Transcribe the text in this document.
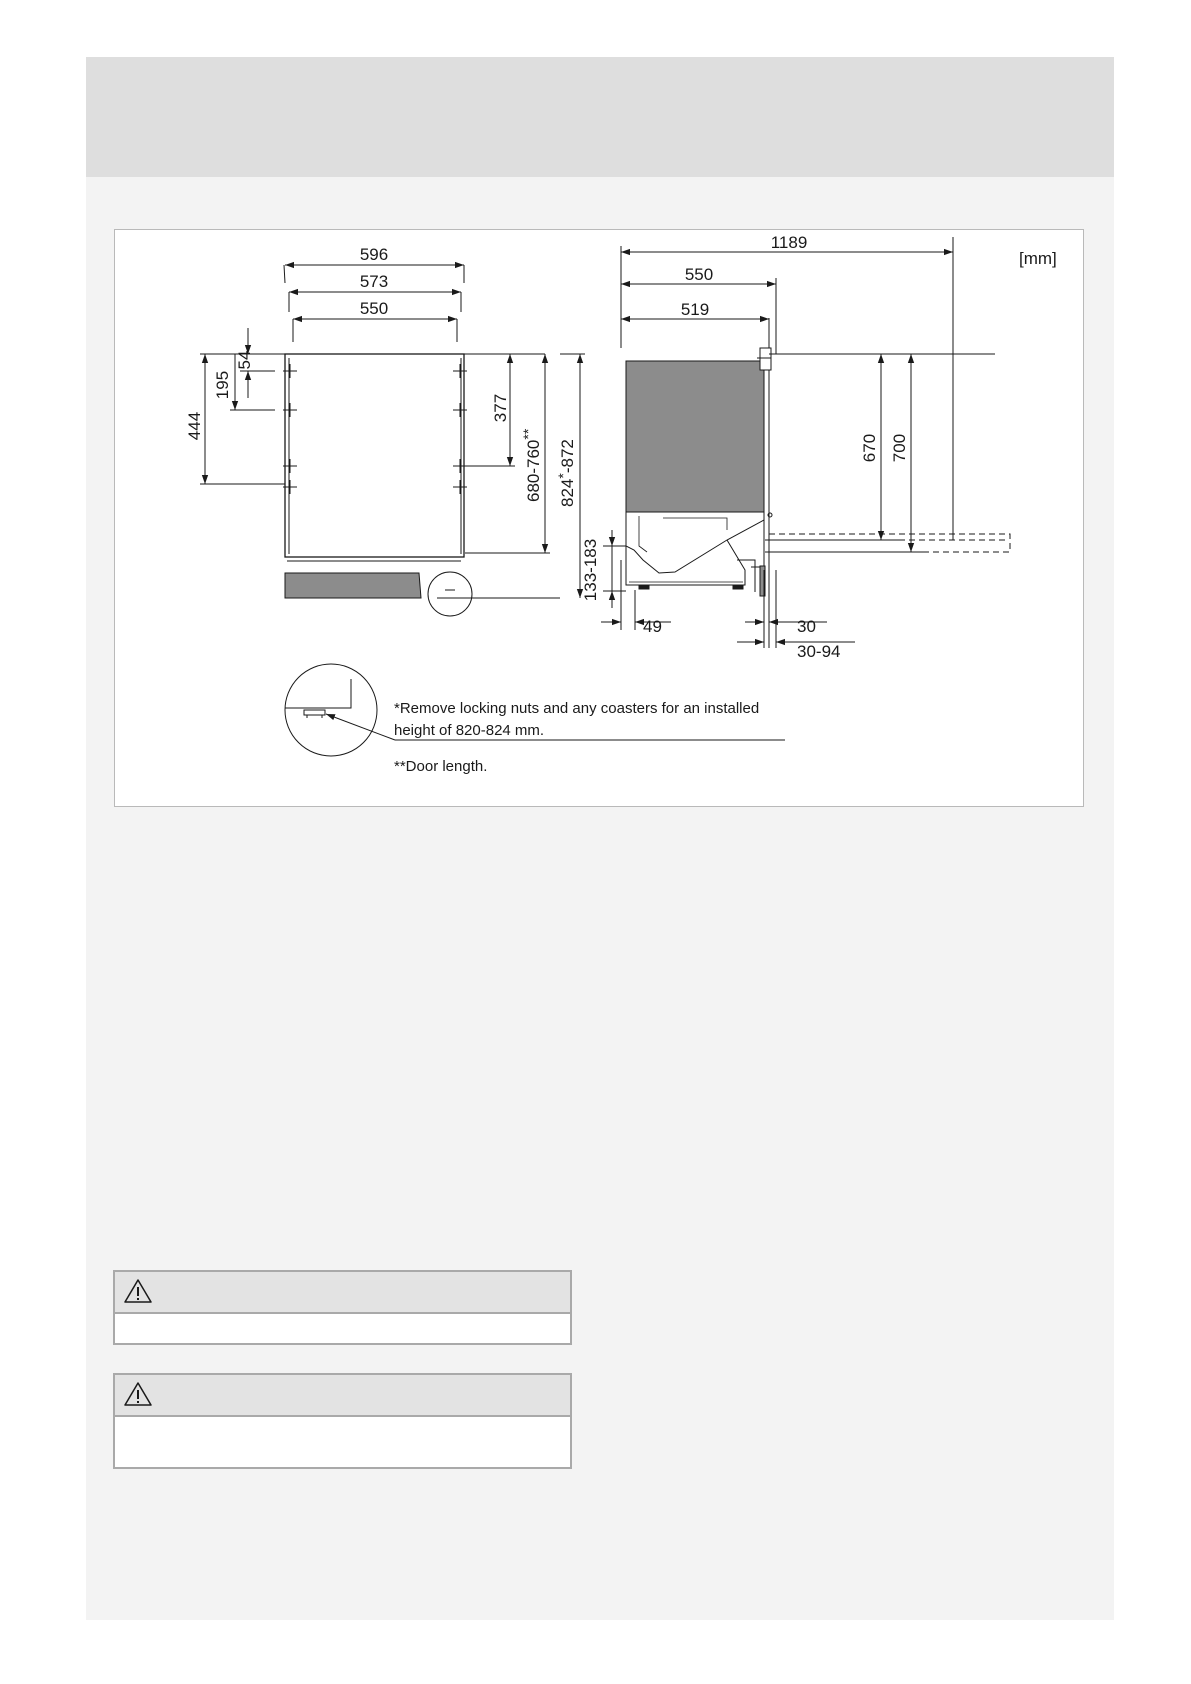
596
573
550
444
195
54
377
680-760**
824*-872
1189
550
519
670 700
133-183
49	30
30-94
[mm]
*Remove locking nuts and any coasters for an installed
height of 820-824 mm.
**Door length.
